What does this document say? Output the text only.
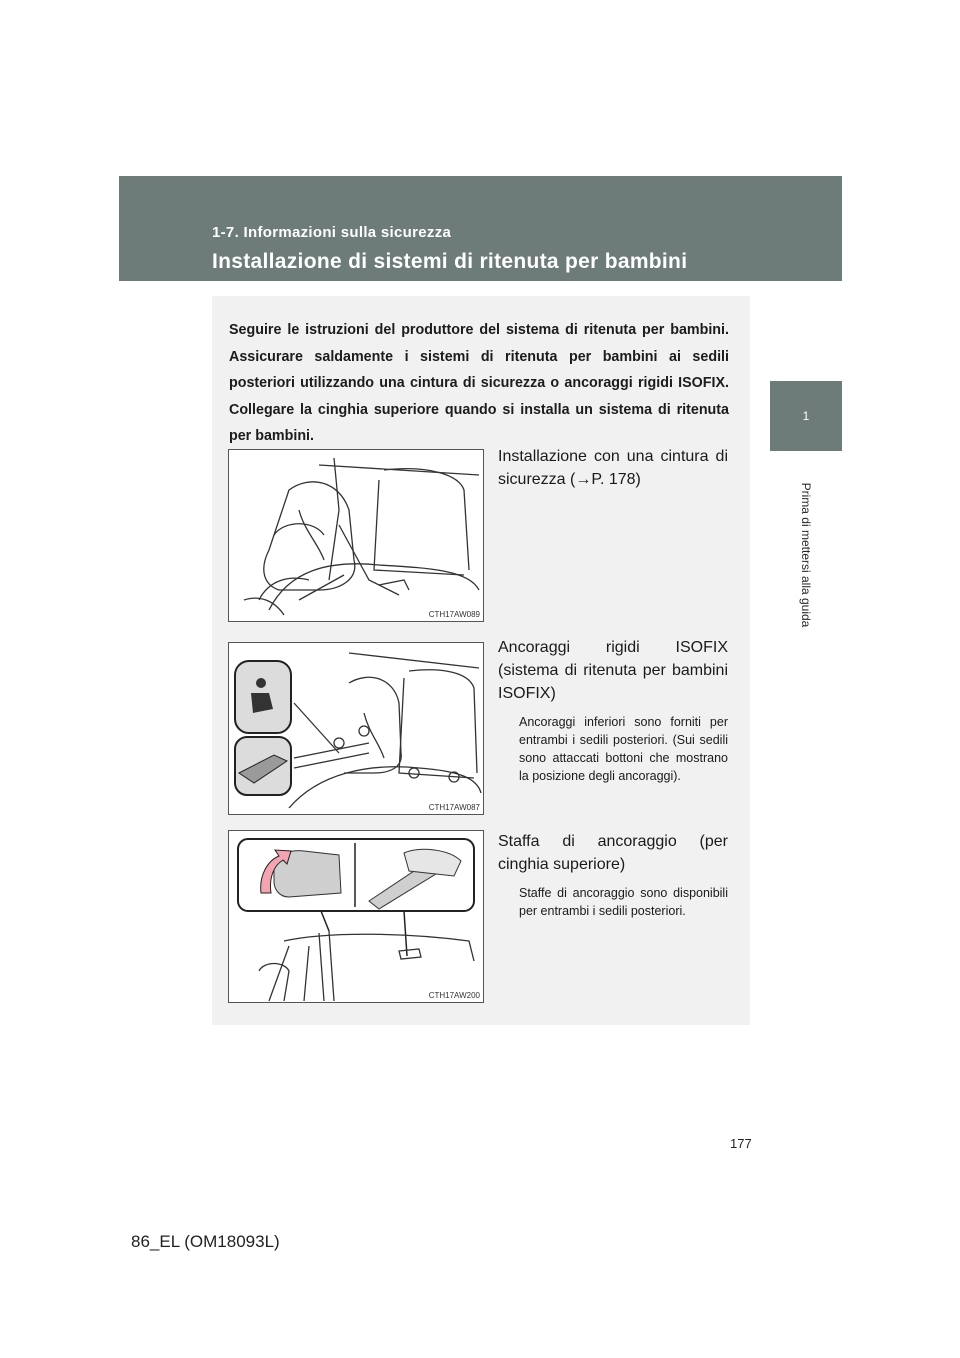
1-7. Informazioni sulla sicurezza
Installazione di sistemi di ritenuta per bambini
1
Prima di mettersi alla guida
Seguire le istruzioni del produttore del sistema di ritenuta per bambini. Assicurare saldamente i sistemi di ritenuta per bambini ai sedili posteriori utilizzando una cintura di sicurezza o ancoraggi rigidi ISOFIX. Collegare la cinghia superiore quando si installa un sistema di ritenuta per bambini.
CTH17AW089
Installazione con una cintura di sicurezza (→P. 178)
CTH17AW087
Ancoraggi rigidi ISOFIX (sistema di ritenuta per bambini ISOFIX)
Ancoraggi inferiori sono forniti per entrambi i sedili posteriori. (Sui sedili sono attaccati bottoni che mostrano la posizione degli ancoraggi).
CTH17AW200
Staffa di ancoraggio (per cinghia superiore)
Staffe di ancoraggio sono disponibili per entrambi i sedili posteriori.
177
86_EL (OM18093L)
